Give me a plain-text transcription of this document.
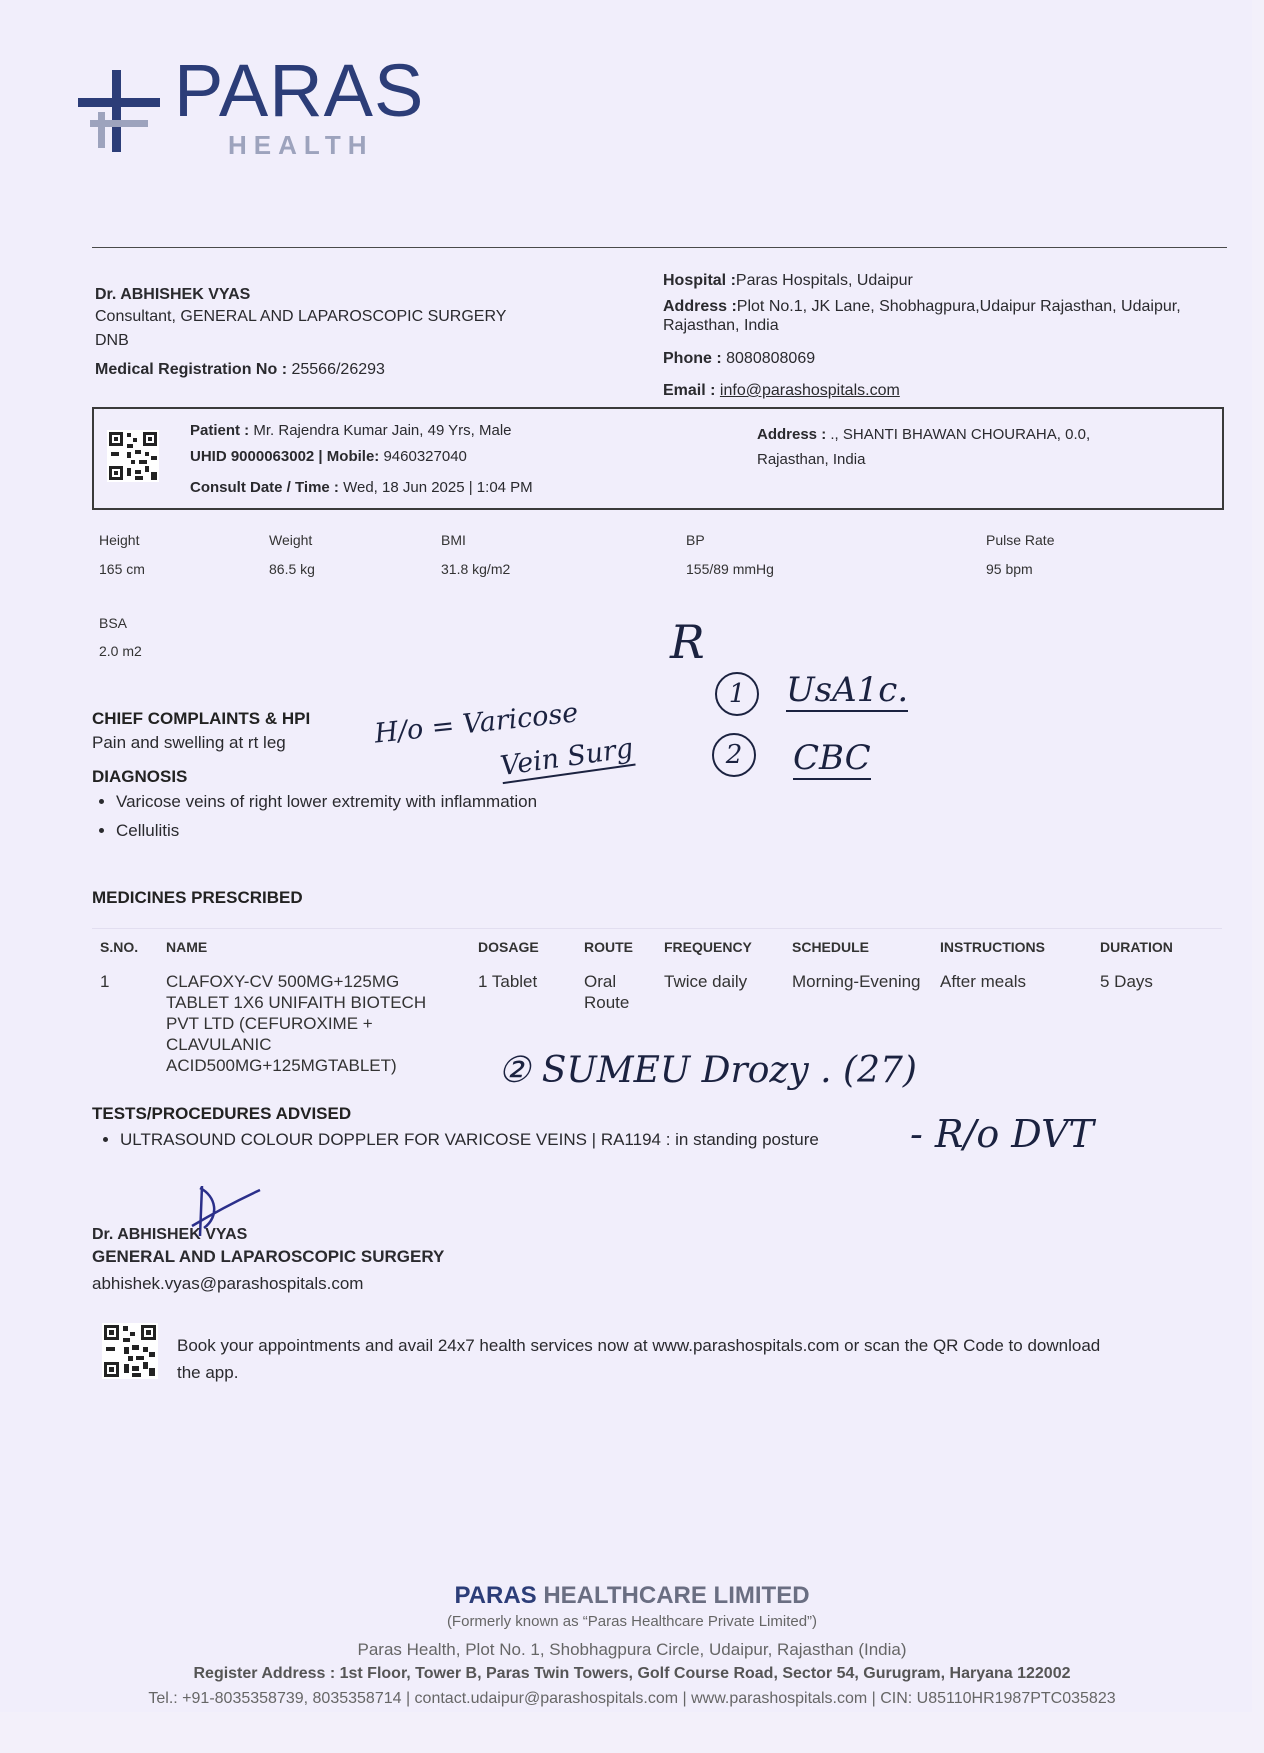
PARAS
HEALTH
Dr. ABHISHEK VYAS
Consultant, GENERAL AND LAPAROSCOPIC SURGERY
DNB
Medical Registration No : 25566/26293
Hospital :Paras Hospitals, Udaipur
Address :Plot No.1, JK Lane, Shobhagpura,Udaipur Rajasthan, Udaipur,
Rajasthan, India
Phone : 8080808069
Email : info@parashospitals.com
Patient : Mr. Rajendra Kumar Jain, 49 Yrs, Male
UHID 9000063002 | Mobile: 9460327040
Consult Date / Time : Wed, 18 Jun 2025 | 1:04 PM
Address : ., SHANTI BHAWAN CHOURAHA, 0.0,
Rajasthan, India
Height
165 cm
Weight
86.5 kg
BMI
31.8 kg/m2
BP
155/89 mmHg
Pulse Rate
95 bpm
BSA
2.0 m2
CHIEF COMPLAINTS & HPI
Pain and swelling at rt leg
DIAGNOSIS
• Varicose veins of right lower extremity with inflammation
• Cellulitis
H/o = Varicose
Vein Surg
R
1	UsA1c.
2	CBC
MEDICINES PRESCRIBED
S.NO.	NAME	DOSAGE	ROUTE	FREQUENCY	SCHEDULE	INSTRUCTIONS	DURATION
1	CLAFOXY-CV 500MG+125MG TABLET 1X6 UNIFAITH BIOTECH PVT LTD (CEFUROXIME + CLAVULANIC ACID500MG+125MGTABLET)	1 Tablet	Oral Route	Twice daily	Morning-Evening	After meals	5 Days
② SUMEU Drozy . (27)
TESTS/PROCEDURES ADVISED
• ULTRASOUND COLOUR DOPPLER FOR VARICOSE VEINS | RA1194 : in standing posture - R/o DVT
Dr. ABHISHEK VYAS
GENERAL AND LAPAROSCOPIC SURGERY
abhishek.vyas@parashospitals.com
Book your appointments and avail 24x7 health services now at www.parashospitals.com or scan the QR Code to download
the app.
PARAS HEALTHCARE LIMITED
(Formerly known as “Paras Healthcare Private Limited”)
Paras Health, Plot No. 1, Shobhagpura Circle, Udaipur, Rajasthan (India)
Register Address : 1st Floor, Tower B, Paras Twin Towers, Golf Course Road, Sector 54, Gurugram, Haryana 122002
Tel.: +91-8035358739, 8035358714 | contact.udaipur@parashospitals.com | www.parashospitals.com | CIN: U85110HR1987PTC035823
